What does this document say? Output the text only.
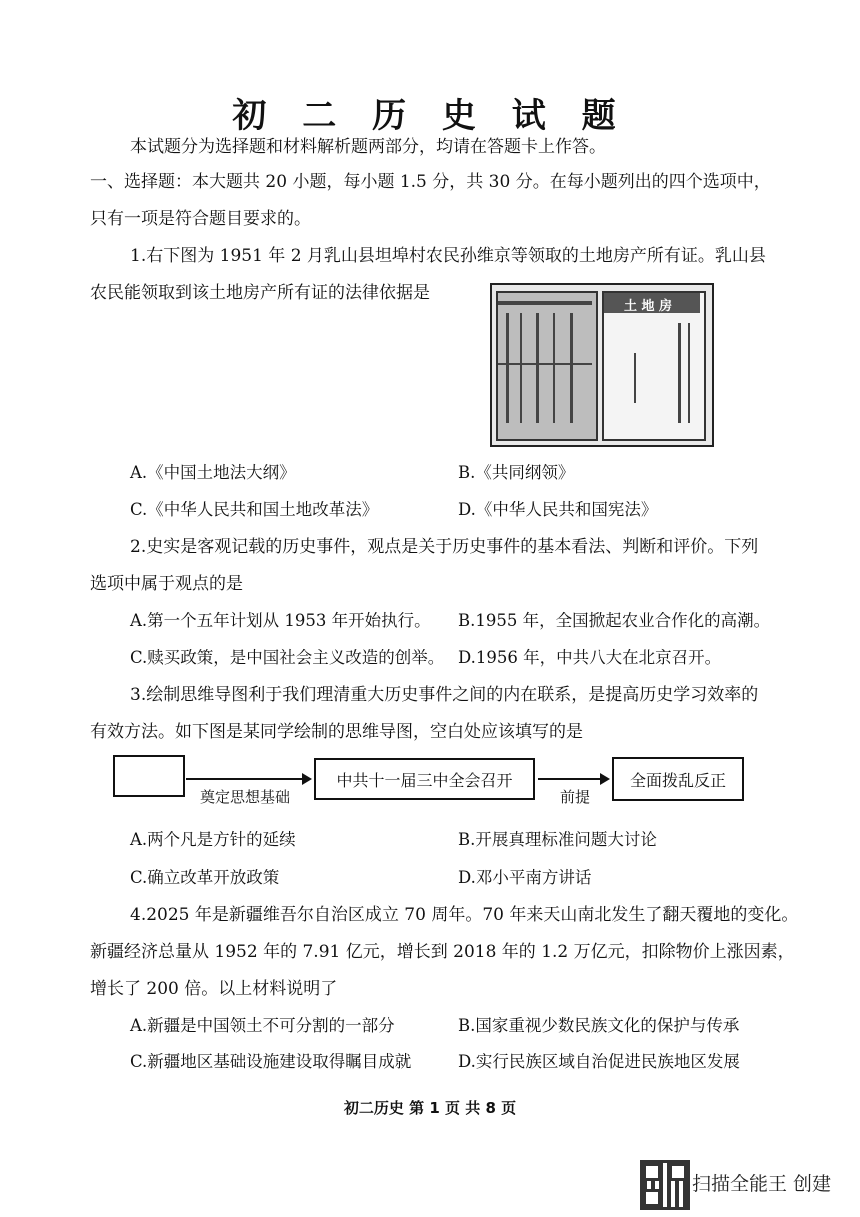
初 二 历 史 试 题
本试题分为选择题和材料解析题两部分，均请在答题卡上作答。
一、选择题：本大题共 20 小题，每小题 1.5 分，共 30 分。在每小题列出的四个选项中，
只有一项是符合题目要求的。
1.右下图为 1951 年 2 月乳山县坦埠村农民孙维京等领取的土地房产所有证。乳山县
农民能领取到该土地房产所有证的法律依据是
土 地 房
A.《中国土地法大纲》	B.《共同纲领》
C.《中华人民共和国土地改革法》	D.《中华人民共和国宪法》
2.史实是客观记载的历史事件，观点是关于历史事件的基本看法、判断和评价。下列
选项中属于观点的是
A.第一个五年计划从 1953 年开始执行。 B.1955 年，全国掀起农业合作化的高潮。
C.赎买政策，是中国社会主义改造的创举。 D.1956 年，中共八大在北京召开。
3.绘制思维导图利于我们理清重大历史事件之间的内在联系，是提高历史学习效率的
有效方法。如下图是某同学绘制的思维导图，空白处应该填写的是
奠定思想基础
中共十一届三中全会召开
前提
全面拨乱反正
A.两个凡是方针的延续	B.开展真理标准问题大讨论
C.确立改革开放政策	D.邓小平南方讲话
4.2025 年是新疆维吾尔自治区成立 70 周年。70 年来天山南北发生了翻天覆地的变化。
新疆经济总量从 1952 年的 7.91 亿元，增长到 2018 年的 1.2 万亿元，扣除物价上涨因素，
增长了 200 倍。以上材料说明了
A.新疆是中国领土不可分割的一部分	B.国家重视少数民族文化的保护与传承
C.新疆地区基础设施建设取得瞩目成就	D.实行民族区域自治促进民族地区发展
初二历史 第 1 页 共 8 页
扫描全能王 创建
